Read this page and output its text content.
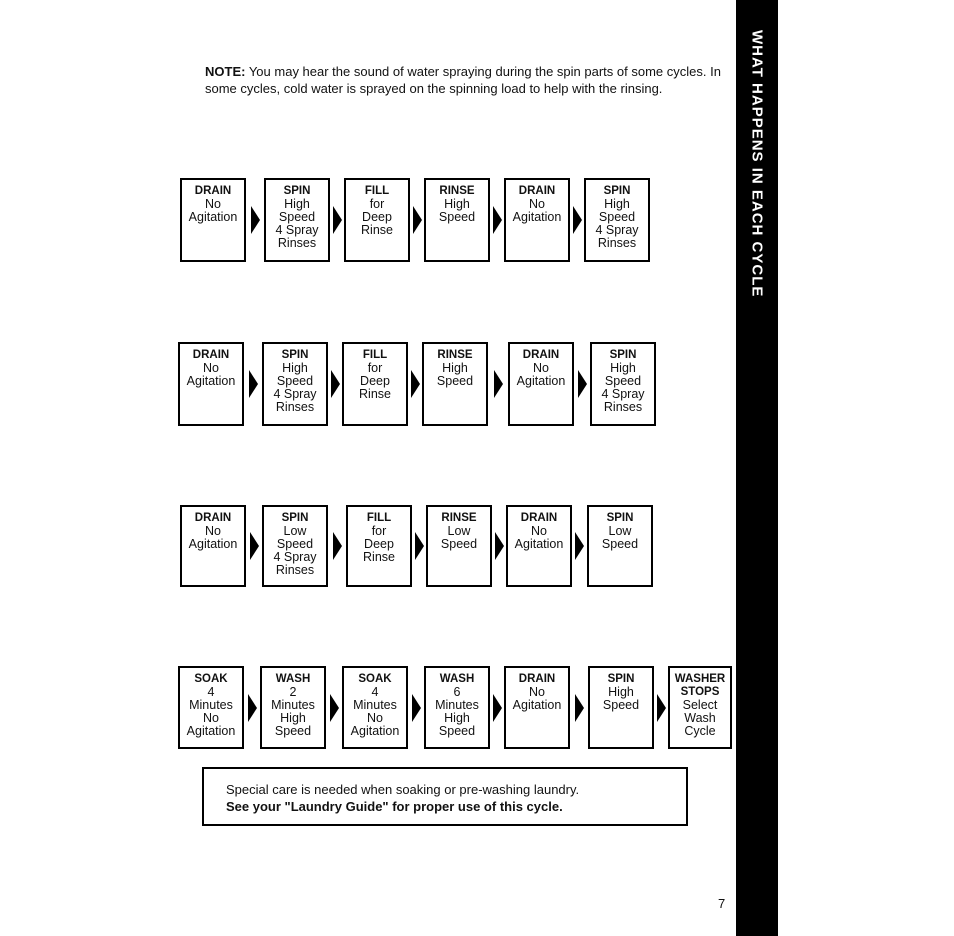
WHAT HAPPENS IN EACH CYCLE
NOTE: You may hear the sound of water spraying during the spin parts of some cycles. In some cycles, cold water is sprayed on the spinning load to help with the rinsing.
DRAIN
No
Agitation
SPIN
High
Speed
4 Spray
Rinses
FILL
for
Deep
Rinse
RINSE
High
Speed
DRAIN
No
Agitation
SPIN
High
Speed
4 Spray
Rinses
DRAIN
No
Agitation
SPIN
High
Speed
4 Spray
Rinses
FILL
for
Deep
Rinse
RINSE
High
Speed
DRAIN
No
Agitation
SPIN
High
Speed
4 Spray
Rinses
DRAIN
No
Agitation
SPIN
Low
Speed
4 Spray
Rinses
FILL
for
Deep
Rinse
RINSE
Low
Speed
DRAIN
No
Agitation
SPIN
Low
Speed
SOAK
4
Minutes
No
Agitation
WASH
2
Minutes
High
Speed
SOAK
4
Minutes
No
Agitation
WASH
6
Minutes
High
Speed
DRAIN
No
Agitation
SPIN
High
Speed
WASHER STOPS
Select
Wash
Cycle
Special care is needed when soaking or pre-washing laundry.
See your "Laundry Guide" for proper use of this cycle.
7
